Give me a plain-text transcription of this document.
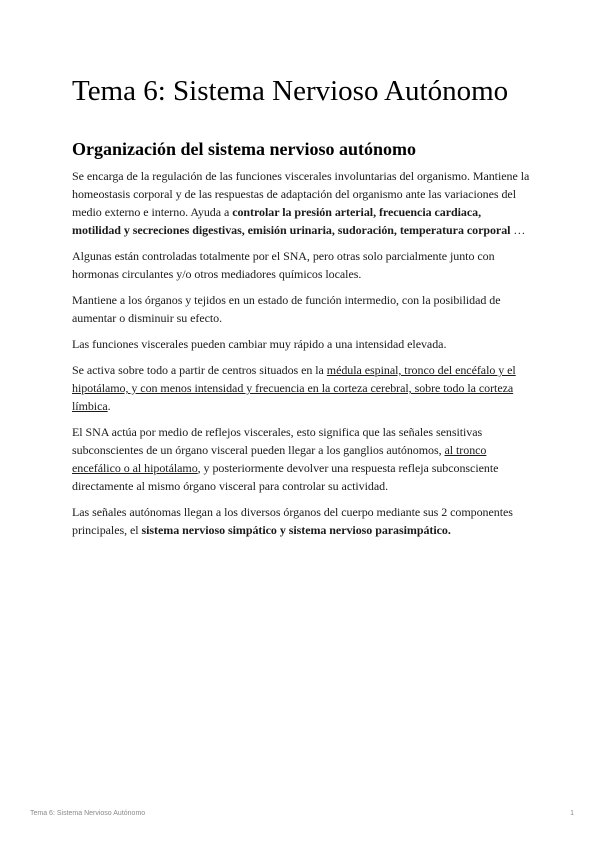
Tema 6: Sistema Nervioso Autónomo
Organización del sistema nervioso autónomo

Se encarga de la regulación de las funciones viscerales involuntarias del organismo. Mantiene la homeostasis corporal y de las respuestas de adaptación del organismo ante las variaciones del medio externo e interno. Ayuda a controlar la presión arterial, frecuencia cardiaca, motilidad y secreciones digestivas, emisión urinaria, sudoración, temperatura corporal …

Algunas están controladas totalmente por el SNA, pero otras solo parcialmente junto con hormonas circulantes y/o otros mediadores químicos locales.

Mantiene a los órganos y tejidos en un estado de función intermedio, con la posibilidad de aumentar o disminuir su efecto.

Las funciones viscerales pueden cambiar muy rápido a una intensidad elevada.

Se activa sobre todo a partir de centros situados en la médula espinal, tronco del encéfalo y el hipotálamo, y con menos intensidad y frecuencia en la corteza cerebral, sobre todo la corteza límbica.

El SNA actúa por medio de reflejos viscerales, esto significa que las señales sensitivas subconscientes de un órgano visceral pueden llegar a los ganglios autónomos, al tronco encefálico o al hipotálamo, y posteriormente devolver una respuesta refleja subconsciente directamente al mismo órgano visceral para controlar su actividad.

Las señales autónomas llegan a los diversos órganos del cuerpo mediante sus 2 componentes principales, el sistema nervioso simpático y sistema nervioso parasimpático.

Tema 6: Sistema Nervioso Autónomo	1
